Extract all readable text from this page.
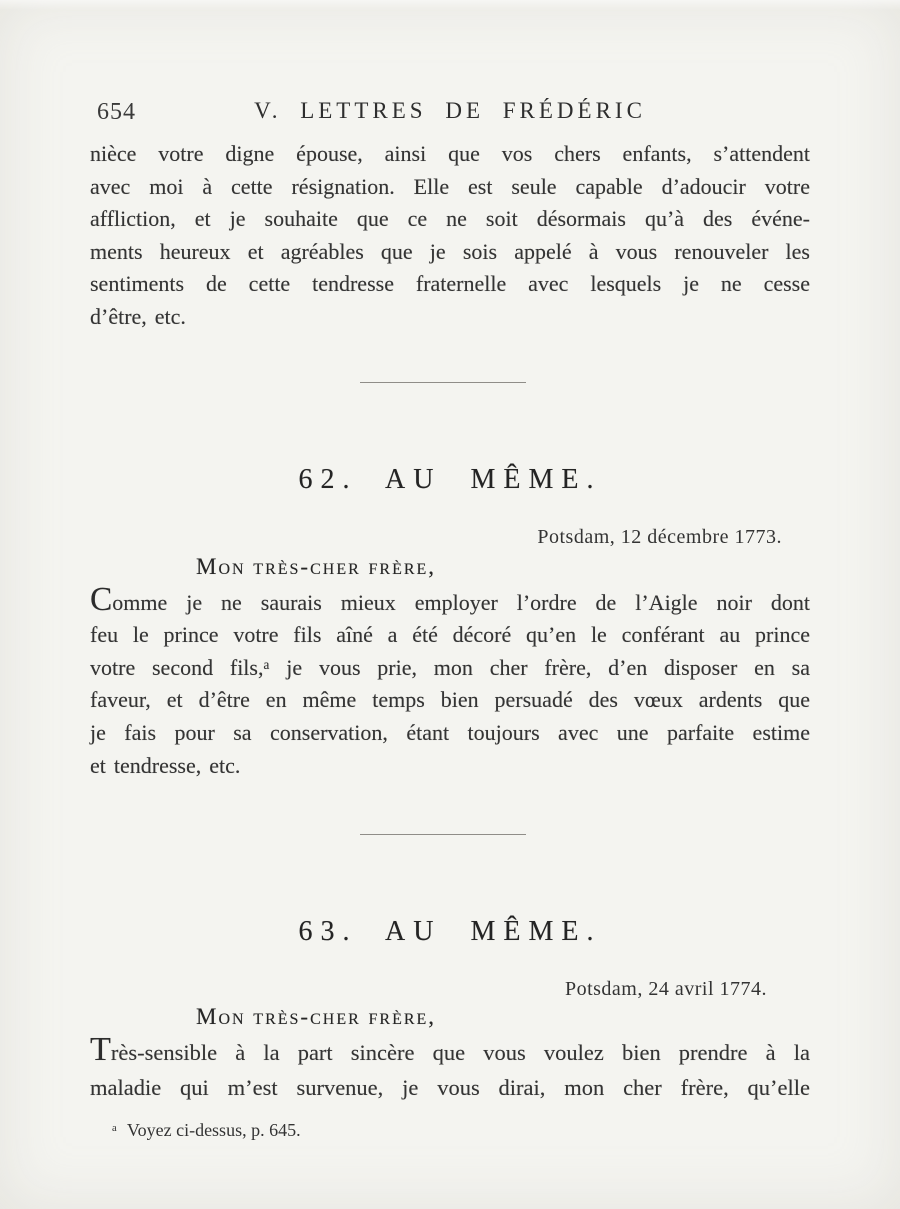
654	V. LETTRES DE FRÉDÉRIC
nièce votre digne épouse, ainsi que vos chers enfants, s’attendent
avec moi à cette résignation. Elle est seule capable d’adoucir votre
affliction, et je souhaite que ce ne soit désormais qu’à des événe-
ments heureux et agréables que je sois appelé à vous renouveler les
sentiments de cette tendresse fraternelle avec lesquels je ne cesse
d’être, etc.
62. AU MÊME.
Potsdam, 12 décembre 1773.
Mon très-cher frère,
Comme je ne saurais mieux employer l’ordre de l’Aigle noir dont
feu le prince votre fils aîné a été décoré qu’en le conférant au prince
votre second fils,ᵃ je vous prie, mon cher frère, d’en disposer en sa
faveur, et d’être en même temps bien persuadé des vœux ardents que
je fais pour sa conservation, étant toujours avec une parfaite estime
et tendresse, etc.
63. AU MÊME.
Potsdam, 24 avril 1774.
Mon très-cher frère,
Très-sensible à la part sincère que vous voulez bien prendre à la
maladie qui m’est survenue, je vous dirai, mon cher frère, qu’elle
ᵃ Voyez ci-dessus, p. 645.
